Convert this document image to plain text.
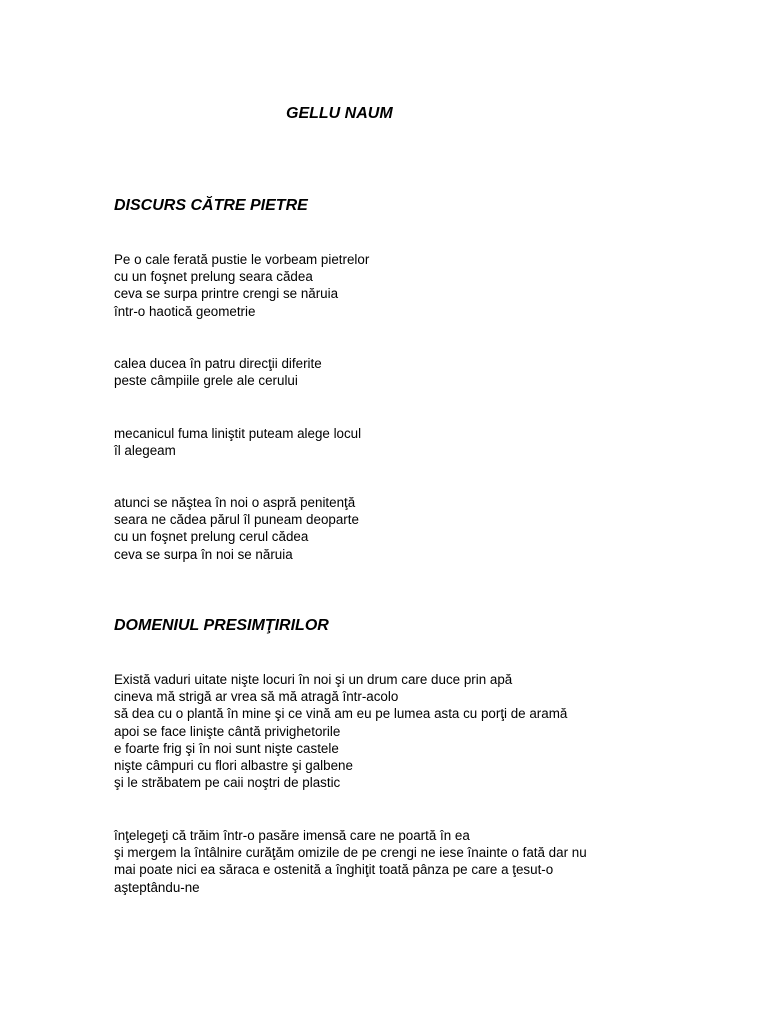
GELLU NAUM
DISCURS CĂTRE PIETRE
Pe o cale ferată pustie le vorbeam pietrelor
cu un foşnet prelung seara cădea
ceva se surpa printre crengi se năruia
într-o haotică geometrie
calea ducea în patru direcţii diferite
peste câmpiile grele ale cerului
mecanicul fuma liniştit puteam alege locul
îl alegeam
atunci se năştea în noi o aspră penitenţă
seara ne cădea părul îl puneam deoparte
cu un foşnet prelung cerul cădea
ceva se surpa în noi se năruia
DOMENIUL PRESIMŢIRILOR
Există vaduri uitate nişte locuri în noi şi un drum care duce prin apă
cineva mă strigă ar vrea să mă atragă într-acolo
să dea cu o plantă în mine şi ce vină am eu pe lumea asta cu porţi de aramă
apoi se face linişte cântă privighetorile
e foarte frig şi în noi sunt nişte castele
nişte câmpuri cu flori albastre şi galbene
şi le străbatem pe caii noştri de plastic
înţelegeţi că trăim într-o pasăre imensă care ne poartă în ea
şi mergem la întâlnire curăţăm omizile de pe crengi ne iese înainte o fată dar nu
mai poate nici ea săraca e ostenită a înghiţit toată pânza pe care a ţesut-o
aşteptându-ne
